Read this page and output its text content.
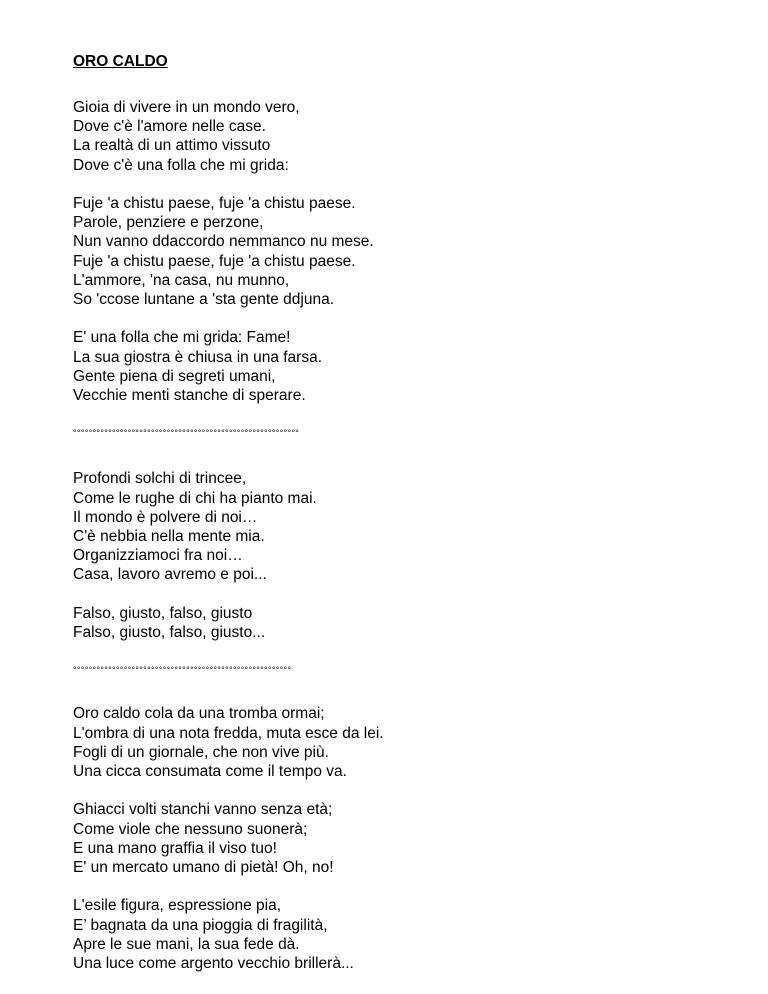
ORO CALDO
Gioia di vivere in un mondo vero,
Dove c'è l'amore nelle case.
La realtà di un attimo vissuto
Dove c'è una folla che mi grida:
Fuje 'a chistu paese, fuje 'a chistu paese.
Parole, penziere e perzone,
Nun vanno ddaccordo nemmanco nu mese.
Fuje 'a chistu paese, fuje 'a chistu paese.
L'ammore, 'na casa, nu munno,
So 'ccose luntane a 'sta gente ddjuna.
E' una folla che mi grida: Fame!
La sua giostra è chiusa in una farsa.
Gente piena di segreti umani,
Vecchie menti stanche di sperare.
°°°°°°°°°°°°°°°°°°°°°°°°°°°°°°°°°°°°°°°°°°°°°°°°°°°°°°°°°°
Profondi solchi di trincee,
Come le rughe di chi ha pianto mai.
Il mondo è polvere di noi…
C'è nebbia nella mente mia.
Organizziamoci fra noi…
Casa, lavoro avremo e poi...
Falso, giusto, falso, giusto
Falso, giusto, falso, giusto...
°°°°°°°°°°°°°°°°°°°°°°°°°°°°°°°°°°°°°°°°°°°°°°°°°°°°°°°°
Oro caldo cola da una tromba ormai;
L'ombra di una nota fredda, muta esce da lei.
Fogli di un giornale, che non vive più.
Una cicca consumata come il tempo va.
Ghiacci volti stanchi vanno senza età;
Come viole che nessuno suonerà;
E una mano graffia il viso tuo!
E' un mercato umano di pietà! Oh, no!
L'esile figura, espressione pia,
E’ bagnata da una pioggia di fragilità,
Apre le sue mani, la sua fede dà.
Una luce come argento vecchio brillerà...
